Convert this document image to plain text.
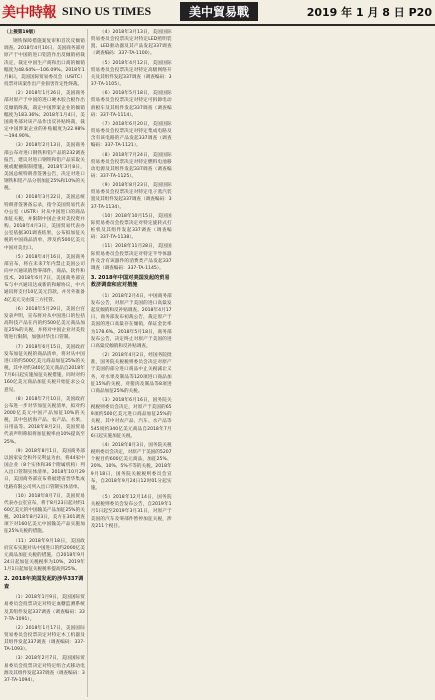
美中時報 SINO US TIMES	美中貿易戰	2019 年 1 月 8 日 P20

（上接第19版）

钢铁保障措施案复审和首次反倾销调查。2018年4月10日，美国商务部对原产于中国的进口铝箔作出反倾销初裁决定，裁定中国生产商和出口商的倾销幅度为48.64%—106.09%。2018年1月8日，美国国际贸易委员会（USITC）投票对该案作出产业损害肯定性终裁。

（2）2018年1月26日，美国商务部对原产于中国的进口硬木胶合板作出反倾销终裁，裁定中国涉案企业的倾销幅度为183.36%；2018年1月4日，美国商务部对该产品作出反补贴终裁，裁定中国涉案企业的补贴幅度为22.98%—194.90%。

（3）2018年2月13日，美国商务部公布对进口钢铁和铝产品的232调查报告，建议对进口钢铁和铝产品采取关税或配额限制措施。2018年3月8日，美国总统特朗普签署公告，决定对进口钢铁和铝产品分别加征25%和10%的关税。

（4）2018年3月22日，美国总统特朗普签署备忘录，指令美国贸易代表办公室（USTR）对从中国进口的商品加征关税，并限制中国企业对美投资并购。2018年4月3日，美国贸易代表办公室依据301调查结果，公布拟加征关税的中国商品清单，涉及约500亿美元中国对美出口。

（5）2018年4月16日，美国商务部宣布，将在未来7年内禁止美国公司向中兴通讯销售零部件、商品、软件和技术。2018年6月7日，美国商务部宣布与中兴通讯达成新的和解协议，中兴通讯将支付10亿美元罚款，并另外准备4亿美元交由第三方托管。

（6）2018年5月29日，美国白宫发表声明，宣布将对从中国进口的包括高科技产品在内的约500亿美元商品加征25%的关税，并将对中国企业对美投资进行限制，加强对华出口管制。

（7）2018年6月15日，美国政府发布加征关税的商品清单，将对从中国进口的约500亿美元商品加征25%的关税，其中对约340亿美元商品自2018年7月6日起实施加征关税措施，同时对约160亿美元商品加征关税开始征求公众意见。

（8）2018年7月10日，美国政府公布进一步对华加征关税清单，拟对约2000亿美元中国产品加征10%的关税，其中包括海产品、农产品、水果、日用品等。2018年8月2日，美国贸易代表声明称拟将加征税率由10%提高至25%。

（9）2018年8月1日，美国商务部以国家安全和外交利益为由，将44家中国企业（8个实体和36个附属机构）列入出口管制实体清单。2018年10月29日，美国商务部宣布将福建省晋华集成电路有限公司列入出口管制实体清单。

（10）2018年8月7日，美国贸易代表办公室宣布，将于8月23日起对约160亿美元的中国输美产品加征25%的关税。2018年8月23日，美方在301调查项下对160亿美元中国输美产品实施加征25%关税的措施。

（11）2018年9月18日，美国政府宣布实施对从中国进口的约2000亿美元商品加征关税的措施，自2018年9月24日起加征关税税率为10%，2019年1月1日起加征关税税率提高到25%。

2. 2018年美国发起的涉华337调查

（1）2018年1月9日，美国国际贸易委员会投票决定对特定血糖监测系统及其组件发起337调查（调查编码：337-TA-1091）。

（2）2018年1月17日，美国国际贸易委员会投票决定对特定木工机器及其组件发起337调查（调查编码：337-TA-1093）。

（3）2018年2月7日，美国国际贸易委员会投票决定对特定组合式移动电源及其组件发起337调查（调查编码：337-TA-1094）。

（4）2018年3月13日，美国国际贸易委员会投票决定对特定LED照明装置、LED驱动器及其产品发起337调查（调查编码：337-TA-1100）。

（5）2018年4月12日，美国国际贸易委员会投票决定对特定高级网络开关及其组件发起337调查（调查编码：337-TA-1105）。

（6）2018年5月18日，美国国际贸易委员会投票决定对特定可拆卸电动滑板车及其组件发起337调查（调查编码：337-TA-1114）。

（7）2018年6月20日，美国国际贸易委员会投票决定对特定集成电路及含有该电路的产品发起337调查（调查编码：337-TA-1121）。

（8）2018年7月24日，美国国际贸易委员会投票决定对特定燃料电池移动电源及其组件发起337调查（调查编码：337-TA-1125）。

（9）2018年8月23日，美国国际贸易委员会投票决定对特定电子蒸汽装置及其组件发起337调查（调查编码：337-TA-1134）。

（10）2018年10月15日，美国国际贸易委员会投票决定对特定旋转式打桩机及其组件发起337调查（调查编码：337-TA-1138）。

（11）2018年11月28日，美国国际贸易委员会投票决定对特定半导体器件及含有该器件的消费类产品发起337调查（调查编码：337-TA-1145）。

3. 2018年中国对美国发起的贸易救济调查和应对措施

（1）2018年2月4日，中国商务部发布公告，对原产于美国的进口高粱发起反倾销和反补贴调查。2018年4月17日，商务部发布初裁公告，裁定原产于美国的进口高粱存在倾销，保证金比率为178.6%。2018年5月18日，商务部发布公告，决定终止对原产于美国的进口高粱反倾销和反补贴调查。

（2）2018年4月2日，经国务院批准，国务院关税税则委员会决定对原产于美国的部分进口商品中止关税减让义务，对水果及制品等120项进口商品加征15%的关税，对猪肉及制品等8项进口商品加征25%的关税。

（3）2018年6月16日，国务院关税税则委员会决定，对原产于美国的659项约500亿美元进口商品加征25%的关税，其中对农产品、汽车、水产品等545项约340亿美元商品自2018年7月6日起实施加征关税。

（4）2018年8月3日，国务院关税税则委员会决定，对原产于美国的5207个税目约600亿美元商品，加征25%、20%、10%、5%不等的关税。2018年9月18日，国务院关税税则委员会宣布，自2018年9月24日12时01分起实施。

（5）2018年12月14日，国务院关税税则委员会发布公告，自2019年1月1日起至2019年3月31日，对原产于美国的汽车及零部件暂停加征关税，涉及211个税目。
